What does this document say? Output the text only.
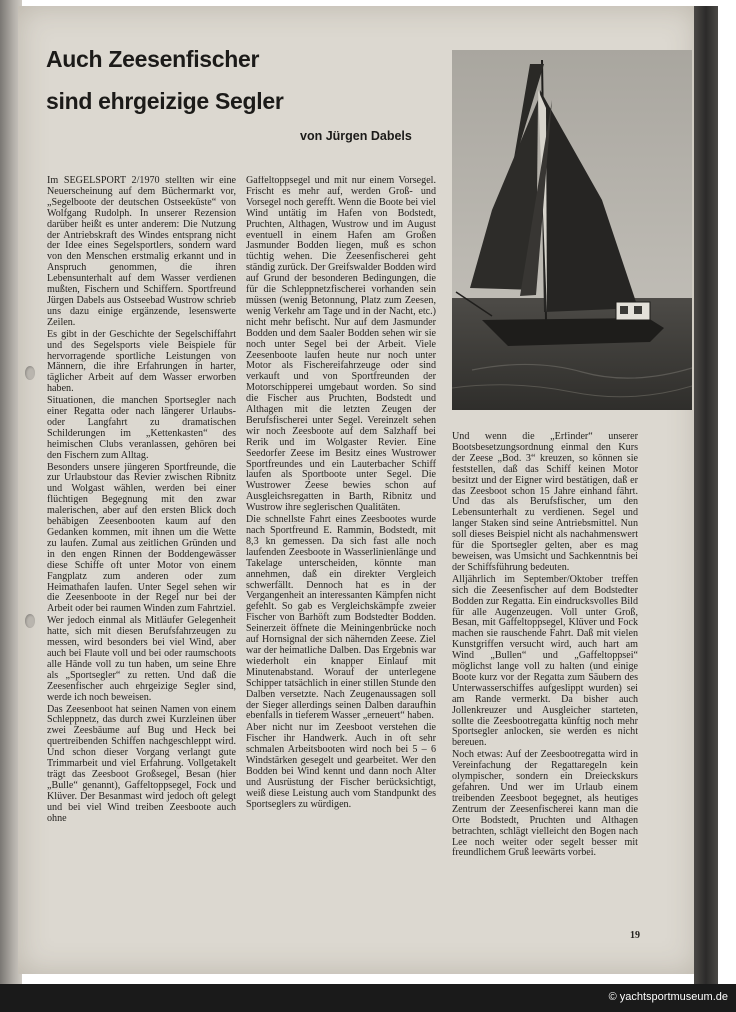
Auch Zeesenfischer
sind ehrgeizige Segler
von Jürgen Dabels

Im SEGELSPORT 2/1970 stellten wir eine Neuerscheinung auf dem Büchermarkt vor, „Segelboote der deutschen Ostseeküste“ von Wolfgang Rudolph. In unserer Rezension darüber heißt es unter anderem: Die Nutzung der Antriebskraft des Windes entsprang nicht der Idee eines Segelsportlers, sondern ward von den Menschen erstmalig erkannt und in Anspruch genommen, die ihren Lebensunterhalt auf dem Wasser verdienen mußten, Fischern und Schiffern. Sportfreund Jürgen Dabels aus Ostseebad Wustrow schrieb uns dazu einige ergänzende, lesenswerte Zeilen.

Es gibt in der Geschichte der Segelschiffahrt und des Segelsports viele Beispiele für hervorragende sportliche Leistungen von Männern, die ihre Erfahrungen in harter, täglicher Arbeit auf dem Wasser erworben haben.

Situationen, die manchen Sportsegler nach einer Regatta oder nach längerer Urlaubs- oder Langfahrt zu dramatischen Schilderungen im „Kettenkasten“ des heimischen Clubs veranlassen, gehören bei den Fischern zum Alltag.

Besonders unsere jüngeren Sportfreunde, die zur Urlaubstour das Revier zwischen Ribnitz und Wolgast wählen, werden bei einer flüchtigen Begegnung mit den zwar malerischen, aber auf den ersten Blick doch behäbigen Zeesenbooten kaum auf den Gedanken kommen, mit ihnen um die Wette zu laufen. Zumal aus zeitlichen Gründen und in den engen Rinnen der Boddengewässer diese Schiffe oft unter Motor von einem Fangplatz zum anderen oder zum Heimathafen laufen. Unter Segel sehen wir die Zeesenboote in der Regel nur bei der Arbeit oder bei raumen Winden zum Fahrtziel.

Wer jedoch einmal als Mitläufer Gelegenheit hatte, sich mit diesen Berufsfahrzeugen zu messen, wird besonders bei viel Wind, aber auch bei Flaute voll und bei oder raumschoots alle Hände voll zu tun haben, um seine Ehre als „Sportsegler“ zu retten. Und daß die Zeesenfischer auch ehrgeizige Segler sind, werde ich noch beweisen.

Das Zeesenboot hat seinen Namen von einem Schleppnetz, das durch zwei Kurzleinen über zwei Zeesbäume auf Bug und Heck bei quertreibenden Schiffen nachgeschleppt wird. Und schon dieser Vorgang verlangt gute Trimmarbeit und viel Erfahrung. Vollgetakelt trägt das Zeesboot Großsegel, Besan (hier „Bulle“ genannt), Gaffeltoppsegel, Fock und Klüver. Der Besanmast wird jedoch oft gelegt und bei viel Wind treiben Zeesboote auch ohne

Gaffeltoppsegel und mit nur einem Vorsegel. Frischt es mehr auf, werden Groß- und Vorsegel noch gerefft. Wenn die Boote bei viel Wind untätig im Hafen von Bodstedt, Pruchten, Althagen, Wustrow und im August eventuell in einem Hafen am Großen Jasmunder Bodden liegen, muß es schon tüchtig wehen. Die Zeesenfischerei geht ständig zurück. Der Greifswalder Bodden wird auf Grund der besonderen Bedingungen, die für die Schleppnetzfischerei vorhanden sein müssen (wenig Betonnung, Platz zum Zeesen, wenig Verkehr am Tage und in der Nacht, etc.) nicht mehr befischt. Nur auf dem Jasmunder Bodden und dem Saaler Bodden sehen wir sie noch unter Segel bei der Arbeit. Viele Zeesenboote laufen heute nur noch unter Motor als Fischereifahrzeuge oder sind verkauft und von Sportfreunden der Motorschipperei umgebaut worden. So sind die Fischer aus Pruchten, Bodstedt und Althagen mit die letzten Zeugen der Berufsfischerei unter Segel. Vereinzelt sehen wir noch Zeesboote auf dem Salzhaff bei Rerik und im Wolgaster Revier. Eine Seedorfer Zeese im Besitz eines Wustrower Sportfreundes und ein Lauterbacher Schiff laufen als Sportboote unter Segel. Die Wustrower Zeese bewies schon auf Ausgleichsregatten in Barth, Ribnitz und Wustrow ihre seglerischen Qualitäten.

Die schnellste Fahrt eines Zeesbootes wurde nach Sportfreund E. Rammin, Bodstedt, mit 8,3 kn gemessen. Da sich fast alle noch laufenden Zeesboote in Wasserlinienlänge und Takelage unterscheiden, könnte man annehmen, daß ein direkter Vergleich schwerfällt. Dennoch hat es in der Vergangenheit an interessanten Kämpfen nicht gefehlt. So gab es Vergleichskämpfe zweier Fischer von Barhöft zum Bodstedter Bodden. Seinerzeit öffnete die Meiningenbrücke noch auf Hornsignal der sich nähernden Zeese. Ziel war der heimatliche Dalben. Das Ergebnis war wiederholt ein knapper Einlauf mit Minutenabstand. Worauf der unterlegene Schipper tatsächlich in einer stillen Stunde den Dalben versetzte. Nach Zeugenaussagen soll der Sieger allerdings seinen Dalben daraufhin ebenfalls in tieferem Wasser „erneuert“ haben.

Aber nicht nur im Zeesboot verstehen die Fischer ihr Handwerk. Auch in oft sehr schmalen Arbeitsbooten wird noch bei 5 – 6 Windstärken gesegelt und gearbeitet. Wer den Bodden bei Wind kennt und dann noch Alter und Ausrüstung der Fischer berücksichtigt, weiß diese Leistung auch vom Standpunkt des Sportseglers zu würdigen.

Und wenn die „Erfinder“ unserer Bootsbesetzungsordnung einmal den Kurs der Zeese „Bod. 3“ kreuzen, so können sie feststellen, daß das Schiff keinen Motor besitzt und der Eigner wird bestätigen, daß er das Zeesboot schon 15 Jahre einhand fährt. Und das als Berufsfischer, um den Lebensunterhalt zu verdienen. Segel und langer Staken sind seine Antriebsmittel. Nun soll dieses Beispiel nicht als nachahmenswert für die Sportsegler gelten, aber es mag beweisen, was Umsicht und Sachkenntnis bei der Schiffsführung bedeuten.

Alljährlich im September/Oktober treffen sich die Zeesenfischer auf dem Bodstedter Bodden zur Regatta. Ein eindrucksvolles Bild für alle Augenzeugen. Voll unter Groß, Besan, mit Gaffeltoppsegel, Klüver und Fock machen sie rauschende Fahrt. Daß mit vielen Kunstgriffen versucht wird, auch hart am Wind „Bullen“ und „Gaffeltoppsei“ möglichst lange voll zu halten (und einige Boote kurz vor der Regatta zum Säubern des Unterwasserschiffes aufgeslippt wurden) sei am Rande vermerkt. Da bisher auch Jollenkreuzer und Ausgleicher starteten, sollte die Zeesbootregatta künftig noch mehr Sportsegler anlocken, sie werden es nicht bereuen.

Noch etwas: Auf der Zeesbootregatta wird in Vereinfachung der Regattaregeln kein olympischer, sondern ein Dreieckskurs gefahren. Und wer im Urlaub einem treibenden Zeesboot begegnet, als heutiges Zentrum der Zeesenfischerei kann man die Orte Bodstedt, Pruchten und Althagen betrachten, schlägt vielleicht den Bogen nach Lee noch weiter oder segelt besser mit freundlichem Gruß leewärts vorbei.

19
© yachtsportmuseum.de
